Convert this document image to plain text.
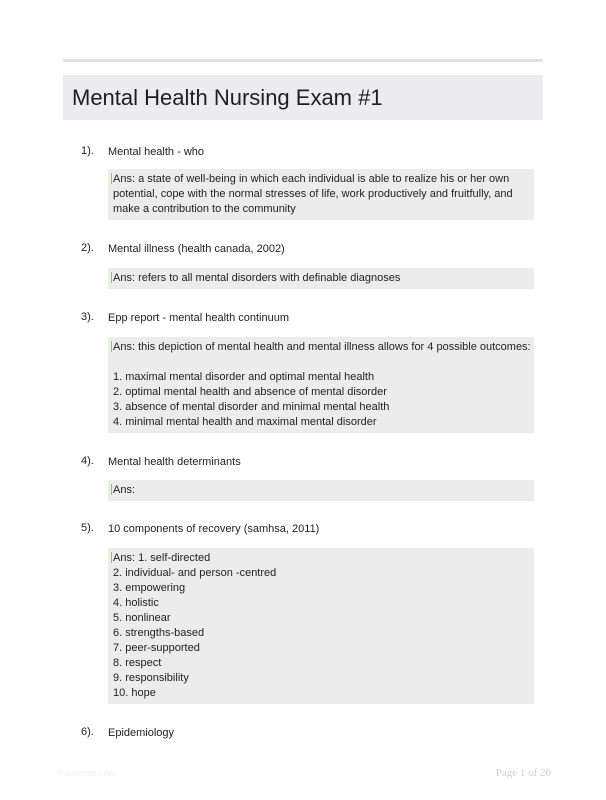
Mental Health Nursing Exam #1
1). Mental health - who
Ans: a state of well-being in which each individual is able to realize his or her own
potential, cope with the normal stresses of life, work productively and fruitfully, and
make a contribution to the community
2). Mental illness (health canada, 2002)
Ans: refers to all mental disorders with definable diagnoses
3). Epp report - mental health continuum
Ans: this depiction of mental health and mental illness allows for 4 possible outcomes:
1. maximal mental disorder and optimal mental health
2. optimal mental health and absence of mental disorder
3. absence of mental disorder and minimal mental health
4. minimal mental health and maximal mental disorder
4). Mental health determinants
Ans:
5). 10 components of recovery (samhsa, 2011)
Ans: 1. self-directed
2. individual- and person -centred
3. empowering
4. holistic
5. nonlinear
6. strengths-based
7. peer-supported
8. respect
9. responsibility
10. hope
6). Epidemiology
Paperbite.com	Page 1 of 20
